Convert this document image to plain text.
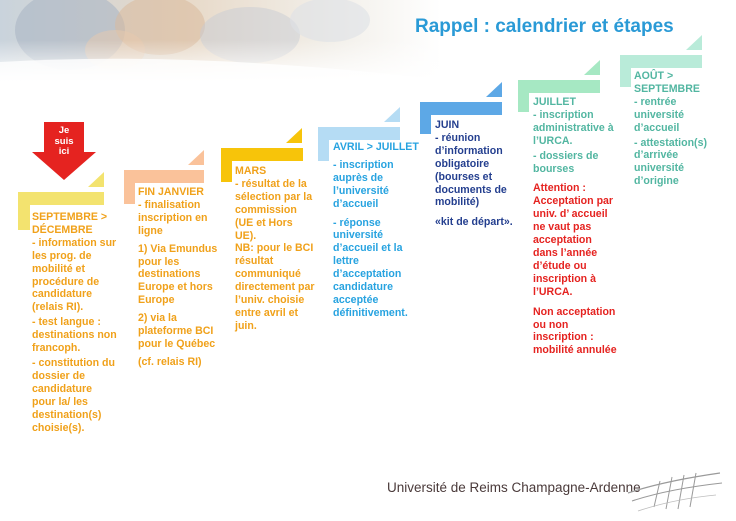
Rappel : calendrier et étapes
Je
suis
ici

SEPTEMBRE > DÉCEMBRE

- information sur les prog. de mobilité et procédure de candidature (relais RI).

- test langue : destinations non francoph.

- constitution du dossier de candidature pour la/ les destination(s) choisie(s).

FIN JANVIER

- finalisation inscription en ligne

1) Via Emundus pour les destinations Europe et hors Europe

2) via la plateforme BCI pour le Québec

(cf. relais RI)

MARS

- résultat de la sélection par la commission (UE et Hors UE).

NB: pour le BCI résultat communiqué directement par l’univ. choisie entre avril et juin.

AVRIL > JUILLET

- inscription auprès de l’université d’accueil

- réponse université d’accueil et la lettre d’acceptation candidature acceptée définitivement.

JUIN

- réunion d’information obligatoire (bourses et documents de mobilité)

«kit de départ».

JUILLET

- inscription administrative à l’URCA.

- dossiers de bourses

Attention : Acceptation par univ. d’ accueil ne vaut pas acceptation dans l’année d’étude ou inscription à l’URCA.

Non acceptation ou non inscription : mobilité annulée

AOÛT > SEPTEMBRE

- rentrée université d’accueil

- attestation(s) d’arrivée université d’origine

Université de Reims Champagne-Ardenne
